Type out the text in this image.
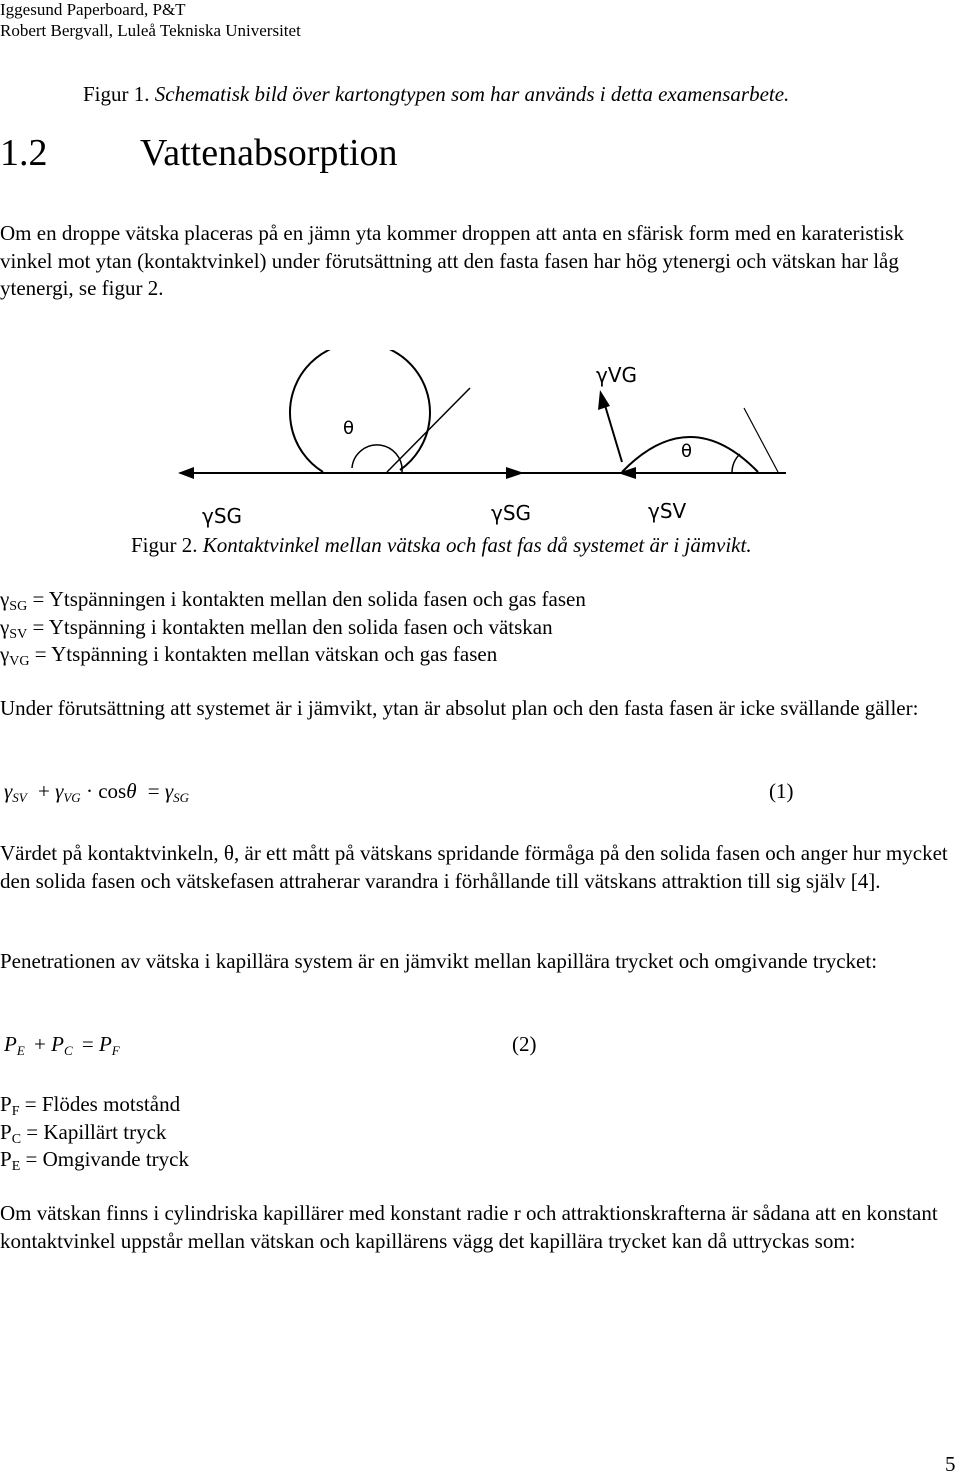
Iggesund Paperboard, P&T
Robert Bergvall, Luleå Tekniska Universitet
Figur 1. Schematisk bild över kartongtypen som har används i detta examensarbete.
1.2 Vattenabsorption
Om en droppe vätska placeras på en jämn yta kommer droppen att anta en sfärisk form med en karateristisk vinkel mot ytan (kontaktvinkel) under förutsättning att den fasta fasen har hög ytenergi och vätskan har låg ytenergi, se figur 2.
θ
θ
γVG
γSG	γSG	γSV
Figur 2. Kontaktvinkel mellan vätska och fast fas då systemet är i jämvikt.
$\gamma_{SG}$ = Ytspänningen i kontakten mellan den solida fasen och gas fasen
$\gamma_{SV}$ = Ytspänning i kontakten mellan den solida fasen och vätskan
$\gamma_{VG}$ = Ytspänning i kontakten mellan vätskan och gas fasen
Under förutsättning att systemet är i jämvikt, ytan är absolut plan och den fasta fasen är icke svällande gäller:
$\gamma_{SV} + \gamma_{VG} \cdot \cos\theta = \gamma_{SG}$	(1)
Värdet på kontaktvinkeln, θ, är ett mått på vätskans spridande förmåga på den solida fasen och anger hur mycket den solida fasen och vätskefasen attraherar varandra i förhållande till vätskans attraktion till sig själv [4].
Penetrationen av vätska i kapillära system är en jämvikt mellan kapillära trycket och omgivande trycket:
$P_E + P_C = P_F$	(2)
$P_F$ = Flödes motstånd
$P_C$ = Kapillärt tryck
$P_E$ = Omgivande tryck
Om vätskan finns i cylindriska kapillärer med konstant radie r och attraktionskrafterna är sådana att en konstant kontaktvinkel uppstår mellan vätskan och kapillärens vägg det kapillära trycket kan då uttryckas som:
5
